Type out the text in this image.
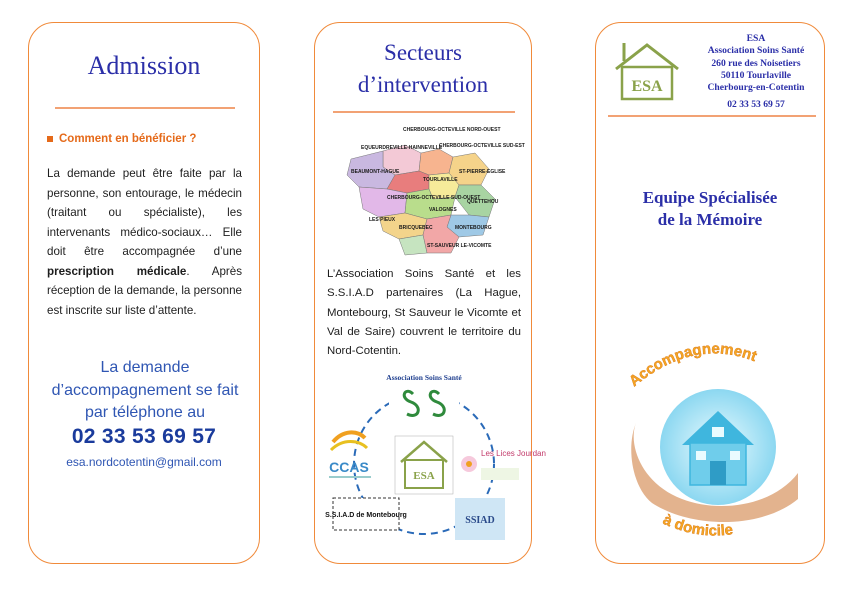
Admission
Comment en bénéficier ?
La demande peut être faite par la personne, son entourage, le médecin (traitant ou spécialiste), les intervenants médico-sociaux… Elle doit être accompagnée d’une prescription médicale. Après réception de la demande, la personne est inscrite sur liste d’attente.
La demande
d’accompagnement se fait
par téléphone au
02 33 53 69 57
esa.nordcotentin@gmail.com
Secteurs
d’intervention
CHERBOURG-OCTEVILLE NORD-OUEST
EQUEURDREVILLE-HAINNEVILLE
CHERBOURG-OCTEVILLE SUD-EST
BEAUMONT-HAGUE
TOURLAVILLE
ST-PIERRE-EGLISE
CHERBOURG-OCTEVILLE SUD-OUEST
QUETTEHOU
VALOGNES
LES PIEUX
BRICQUEBEC	MONTEBOURG
ST-SAUVEUR LE-VICOMTE
L’Association Soins Santé et les S.S.I.A.D partenaires (La Hague, Montebourg, St Sauveur le Vicomte et Val de Saire) couvrent le territoire du Nord-Cotentin.
Association Soins Santé
CCAS
ESA
Les Lices Jourdan
S.S.I.A.D de Montebourg	SSIAD
ESA
ESA
Association Soins Santé
260 rue des Noisetiers
50110 Tourlaville
Cherbourg-en-Cotentin
02 33 53 69 57
Equipe Spécialisée
de la Mémoire
Accompagnement
à domicile
